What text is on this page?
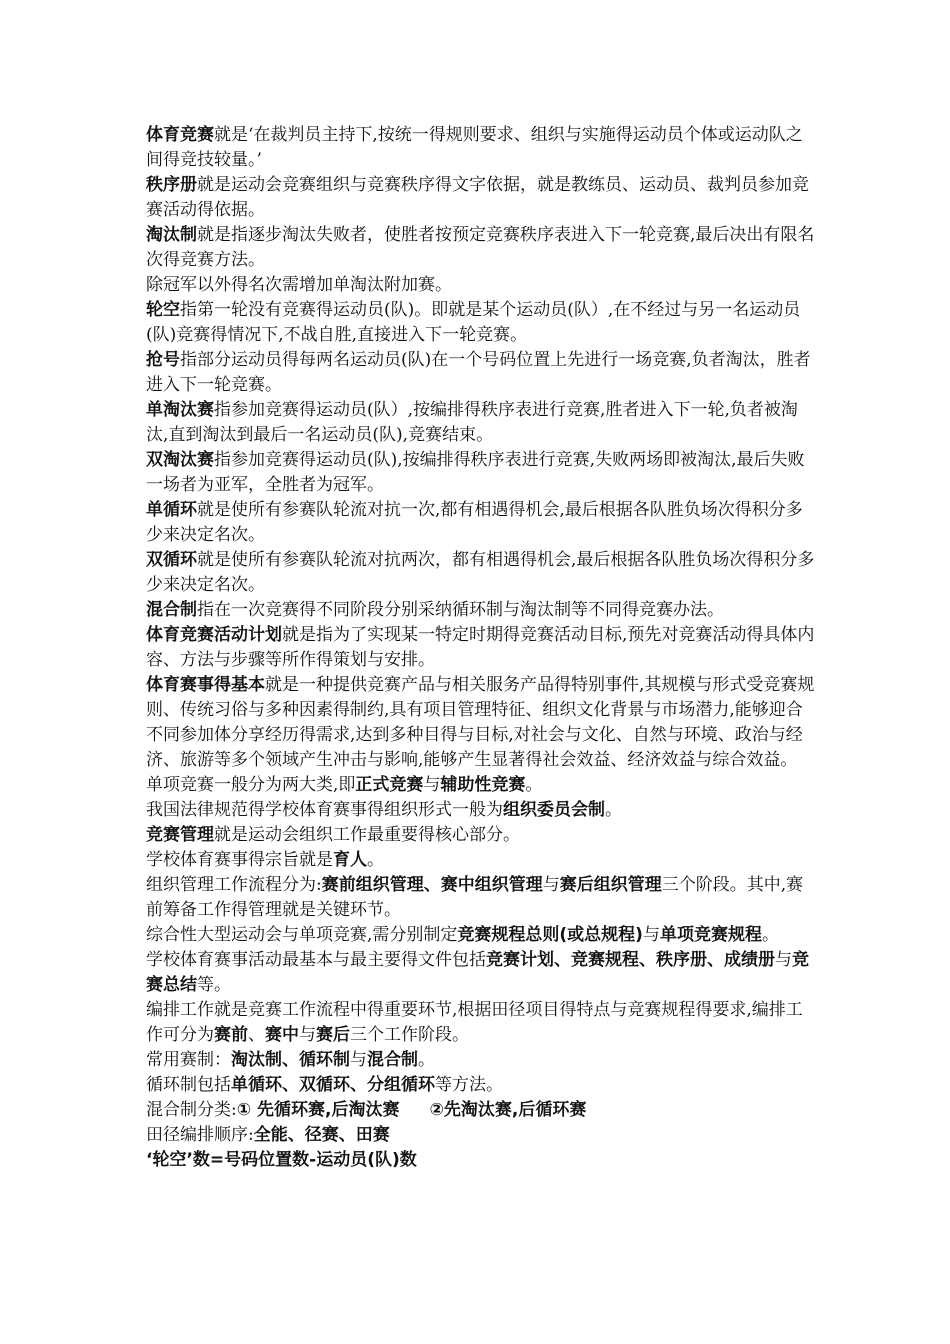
体育竞赛就是‘在裁判员主持下,按统一得规则要求、组织与实施得运动员个体或运动队之间得竞技较量。’

秩序册就是运动会竞赛组织与竞赛秩序得文字依据，就是教练员、运动员、裁判员参加竞赛活动得依据。

淘汰制就是指逐步淘汰失败者，使胜者按预定竞赛秩序表进入下一轮竞赛,最后决出有限名次得竞赛方法。

除冠军以外得名次需增加单淘汰附加赛。

轮空指第一轮没有竞赛得运动员(队)。即就是某个运动员(队）,在不经过与另一名运动员(队)竞赛得情况下,不战自胜,直接进入下一轮竞赛。

抢号指部分运动员得每两名运动员(队)在一个号码位置上先进行一场竞赛,负者淘汰，胜者进入下一轮竞赛。

单淘汰赛指参加竞赛得运动员(队）,按编排得秩序表进行竞赛,胜者进入下一轮,负者被淘汰,直到淘汰到最后一名运动员(队),竞赛结束。

双淘汰赛指参加竞赛得运动员(队),按编排得秩序表进行竞赛,失败两场即被淘汰,最后失败一场者为亚军，全胜者为冠军。

单循环就是使所有参赛队轮流对抗一次,都有相遇得机会,最后根据各队胜负场次得积分多少来决定名次。

双循环就是使所有参赛队轮流对抗两次，都有相遇得机会,最后根据各队胜负场次得积分多少来决定名次。

混合制指在一次竞赛得不同阶段分别采纳循环制与淘汰制等不同得竞赛办法。

体育竞赛活动计划就是指为了实现某一特定时期得竞赛活动目标,预先对竞赛活动得具体内容、方法与步骤等所作得策划与安排。

体育赛事得基本就是一种提供竞赛产品与相关服务产品得特别事件,其规模与形式受竞赛规则、传统习俗与多种因素得制约,具有项目管理特征、组织文化背景与市场潜力,能够迎合不同参加体分享经历得需求,达到多种目得与目标,对社会与文化、自然与环境、政治与经济、旅游等多个领域产生冲击与影响,能够产生显著得社会效益、经济效益与综合效益。

单项竞赛一般分为两大类,即正式竞赛与辅助性竞赛。

我国法律规范得学校体育赛事得组织形式一般为组织委员会制。

竞赛管理就是运动会组织工作最重要得核心部分。

学校体育赛事得宗旨就是育人。

组织管理工作流程分为:赛前组织管理、赛中组织管理与赛后组织管理三个阶段。其中,赛前筹备工作得管理就是关键环节。

综合性大型运动会与单项竞赛,需分别制定竞赛规程总则(或总规程)与单项竞赛规程。

学校体育赛事活动最基本与最主要得文件包括竞赛计划、竞赛规程、秩序册、成绩册与竞赛总结等。

编排工作就是竞赛工作流程中得重要环节,根据田径项目得特点与竞赛规程得要求,编排工作可分为赛前、赛中与赛后三个工作阶段。

常用赛制：淘汰制、循环制与混合制。

循环制包括单循环、双循环、分组循环等方法。

混合制分类:① 先循环赛,后淘汰赛 ②先淘汰赛,后循环赛

田径编排顺序:全能、径赛、田赛

‘轮空’数=号码位置数-运动员(队)数
